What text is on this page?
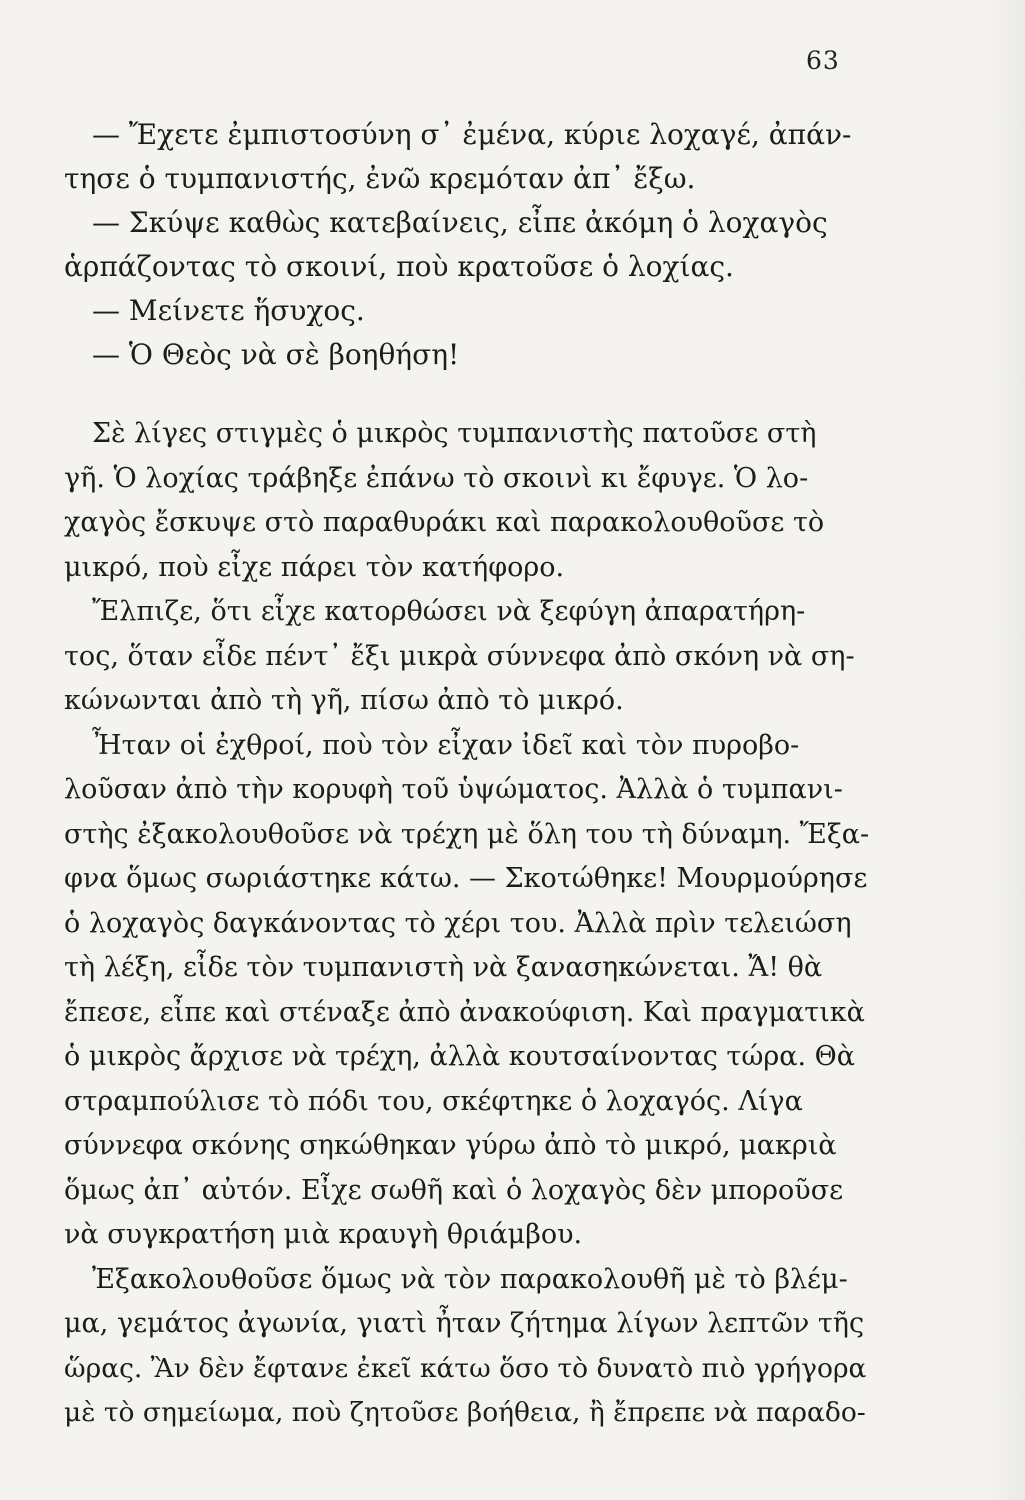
63
— Ἔχετε ἐμπιστοσύνη σ᾿ ἐμένα, κύριε λοχαγέ, ἀπάν-
τησε ὁ τυμπανιστής, ἐνῶ κρεμόταν ἀπ᾿ ἔξω.
— Σκύψε καθὼς κατεβαίνεις, εἶπε ἀκόμη ὁ λοχαγὸς
ἁρπάζοντας τὸ σκοινί, ποὺ κρατοῦσε ὁ λοχίας.
— Μείνετε ἥσυχος.
— Ὁ Θεὸς νὰ σὲ βοηθήση!
Σὲ λίγες στιγμὲς ὁ μικρὸς τυμπανιστὴς πατοῦσε στὴ
γῆ. Ὁ λοχίας τράβηξε ἐπάνω τὸ σκοινὶ κι ἔφυγε. Ὁ λο-
χαγὸς ἔσκυψε στὸ παραθυράκι καὶ παρακολουθοῦσε τὸ
μικρό, ποὺ εἶχε πάρει τὸν κατήφορο.
Ἔλπιζε, ὅτι εἶχε κατορθώσει νὰ ξεφύγη ἀπαρατήρη-
τος, ὅταν εἶδε πέντ᾿ ἔξι μικρὰ σύννεφα ἀπὸ σκόνη νὰ ση-
κώνωνται ἀπὸ τὴ γῆ, πίσω ἀπὸ τὸ μικρό.
Ἦταν οἱ ἐχθροί, ποὺ τὸν εἶχαν ἰδεῖ καὶ τὸν πυροβο-
λοῦσαν ἀπὸ τὴν κορυφὴ τοῦ ὑψώματος. Ἀλλὰ ὁ τυμπανι-
στὴς ἐξακολουθοῦσε νὰ τρέχη μὲ ὅλη του τὴ δύναμη. Ἔξα-
φνα ὅμως σωριάστηκε κάτω. — Σκοτώθηκε! Μουρμούρησε
ὁ λοχαγὸς δαγκάνοντας τὸ χέρι του. Ἀλλὰ πρὶν τελειώση
τὴ λέξη, εἶδε τὸν τυμπανιστὴ νὰ ξανασηκώνεται. Ἄ! θὰ
ἔπεσε, εἶπε καὶ στέναξε ἀπὸ ἀνακούφιση. Καὶ πραγματικὰ
ὁ μικρὸς ἄρχισε νὰ τρέχη, ἀλλὰ κουτσαίνοντας τώρα. Θὰ
στραμπούλισε τὸ πόδι του, σκέφτηκε ὁ λοχαγός. Λίγα
σύννεφα σκόνης σηκώθηκαν γύρω ἀπὸ τὸ μικρό, μακριὰ
ὅμως ἀπ᾿ αὐτόν. Εἶχε σωθῆ καὶ ὁ λοχαγὸς δὲν μποροῦσε
νὰ συγκρατήση μιὰ κραυγὴ θριάμβου.
Ἐξακολουθοῦσε ὅμως νὰ τὸν παρακολουθῆ μὲ τὸ βλέμ-
μα, γεμάτος ἀγωνία, γιατὶ ἦταν ζήτημα λίγων λεπτῶν τῆς
ὥρας. Ἂν δὲν ἔφτανε ἐκεῖ κάτω ὅσο τὸ δυνατὸ πιὸ γρήγορα
μὲ τὸ σημείωμα, ποὺ ζητοῦσε βοήθεια, ἢ ἔπρεπε νὰ παραδο-
